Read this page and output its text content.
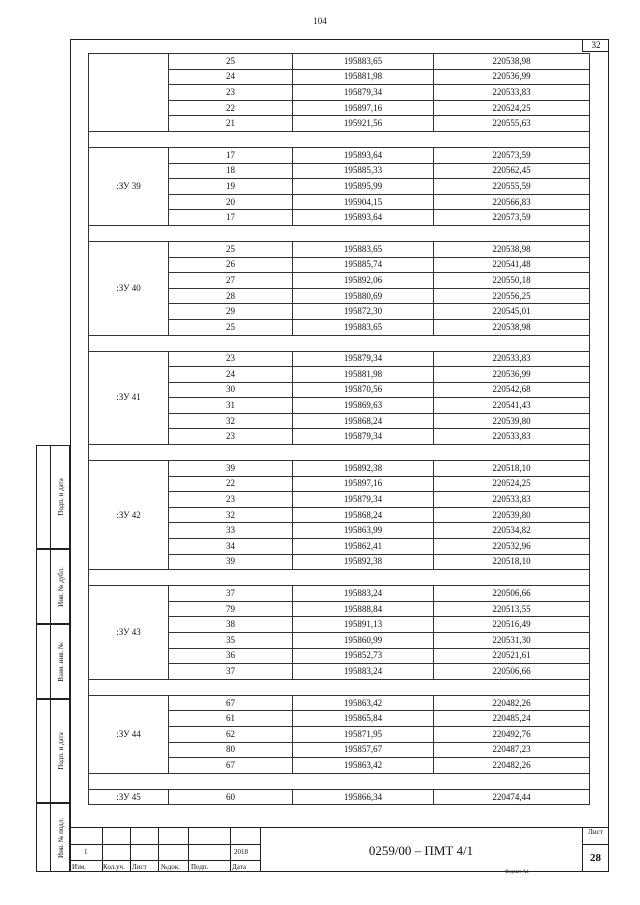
104
32
	25	195883,65	220538,98
	24	195881,98	220536,99
	23	195879,34	220533,83
	22	195897,16	220524,25
	21	195921,56	220555,63

:ЗУ 39	17	195893,64	220573,59
	18	195885,33	220562,45
	19	195895,99	220555,59
	20	195904,15	220566,83
	17	195893,64	220573,59

:ЗУ 40	25	195883,65	220538,98
	26	195885,74	220541,48
	27	195892,06	220550,18
	28	195880,69	220556,25
	29	195872,30	220545,01
	25	195883,65	220538,98

:ЗУ 41	23	195879,34	220533,83
	24	195881,98	220536,99
	30	195870,56	220542,68
	31	195869,63	220541,43
	32	195868,24	220539,80
	23	195879,34	220533,83

:ЗУ 42	39	195892,38	220518,10
	22	195897,16	220524,25
	23	195879,34	220533,83
	32	195868,24	220539,80
	33	195863,99	220534,82
	34	195862,41	220532,96
	39	195892,38	220518,10

:ЗУ 43	37	195883,24	220506,66
	79	195888,84	220513,55
	38	195891,13	220516,49
	35	195860,99	220531,30
	36	195852,73	220521,61
	37	195883,24	220506,66

:ЗУ 44	67	195863,42	220482,26
	61	195865,84	220485,24
	62	195871,95	220492,76
	80	195857,67	220487,23
	67	195863,42	220482,26

:ЗУ 45	60	195866,34	220474,44
Подп. и дата
Инв. № дубл.
Взам. инв. №
Подп. и дата
Инв. № подл.
Изм. Кол.уч. Лист №док. Подп.	Дата
1	2018	0259/00 – ПМТ 4/1
Лист
28
Формат А4
